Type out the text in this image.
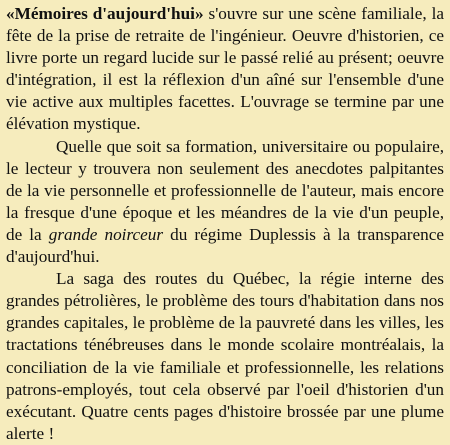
«Mémoires d'aujourd'hui» s'ouvre sur une scène familiale, la fête de la prise de retraite de l'ingénieur. Oeuvre d'historien, ce livre porte un regard lucide sur le passé relié au présent; oeuvre d'intégration, il est la réflexion d'un aîné sur l'ensemble d'une vie active aux multiples facettes. L'ouvrage se termine par une élévation mystique.

Quelle que soit sa formation, universitaire ou populaire, le lecteur y trouvera non seulement des anecdotes palpitantes de la vie personnelle et professionnelle de l'auteur, mais encore la fresque d'une époque et les méandres de la vie d'un peuple, de la grande noirceur du régime Duplessis à la transparence d'aujourd'hui.

La saga des routes du Québec, la régie interne des grandes pétrolières, le problème des tours d'habitation dans nos grandes capitales, le problème de la pauvreté dans les villes, les tractations ténébreuses dans le monde scolaire montréalais, la conciliation de la vie familiale et professionnelle, les relations patrons-employés, tout cela observé par l'oeil d'historien d'un exécutant. Quatre cents pages d'histoire brossée par une plume alerte !
